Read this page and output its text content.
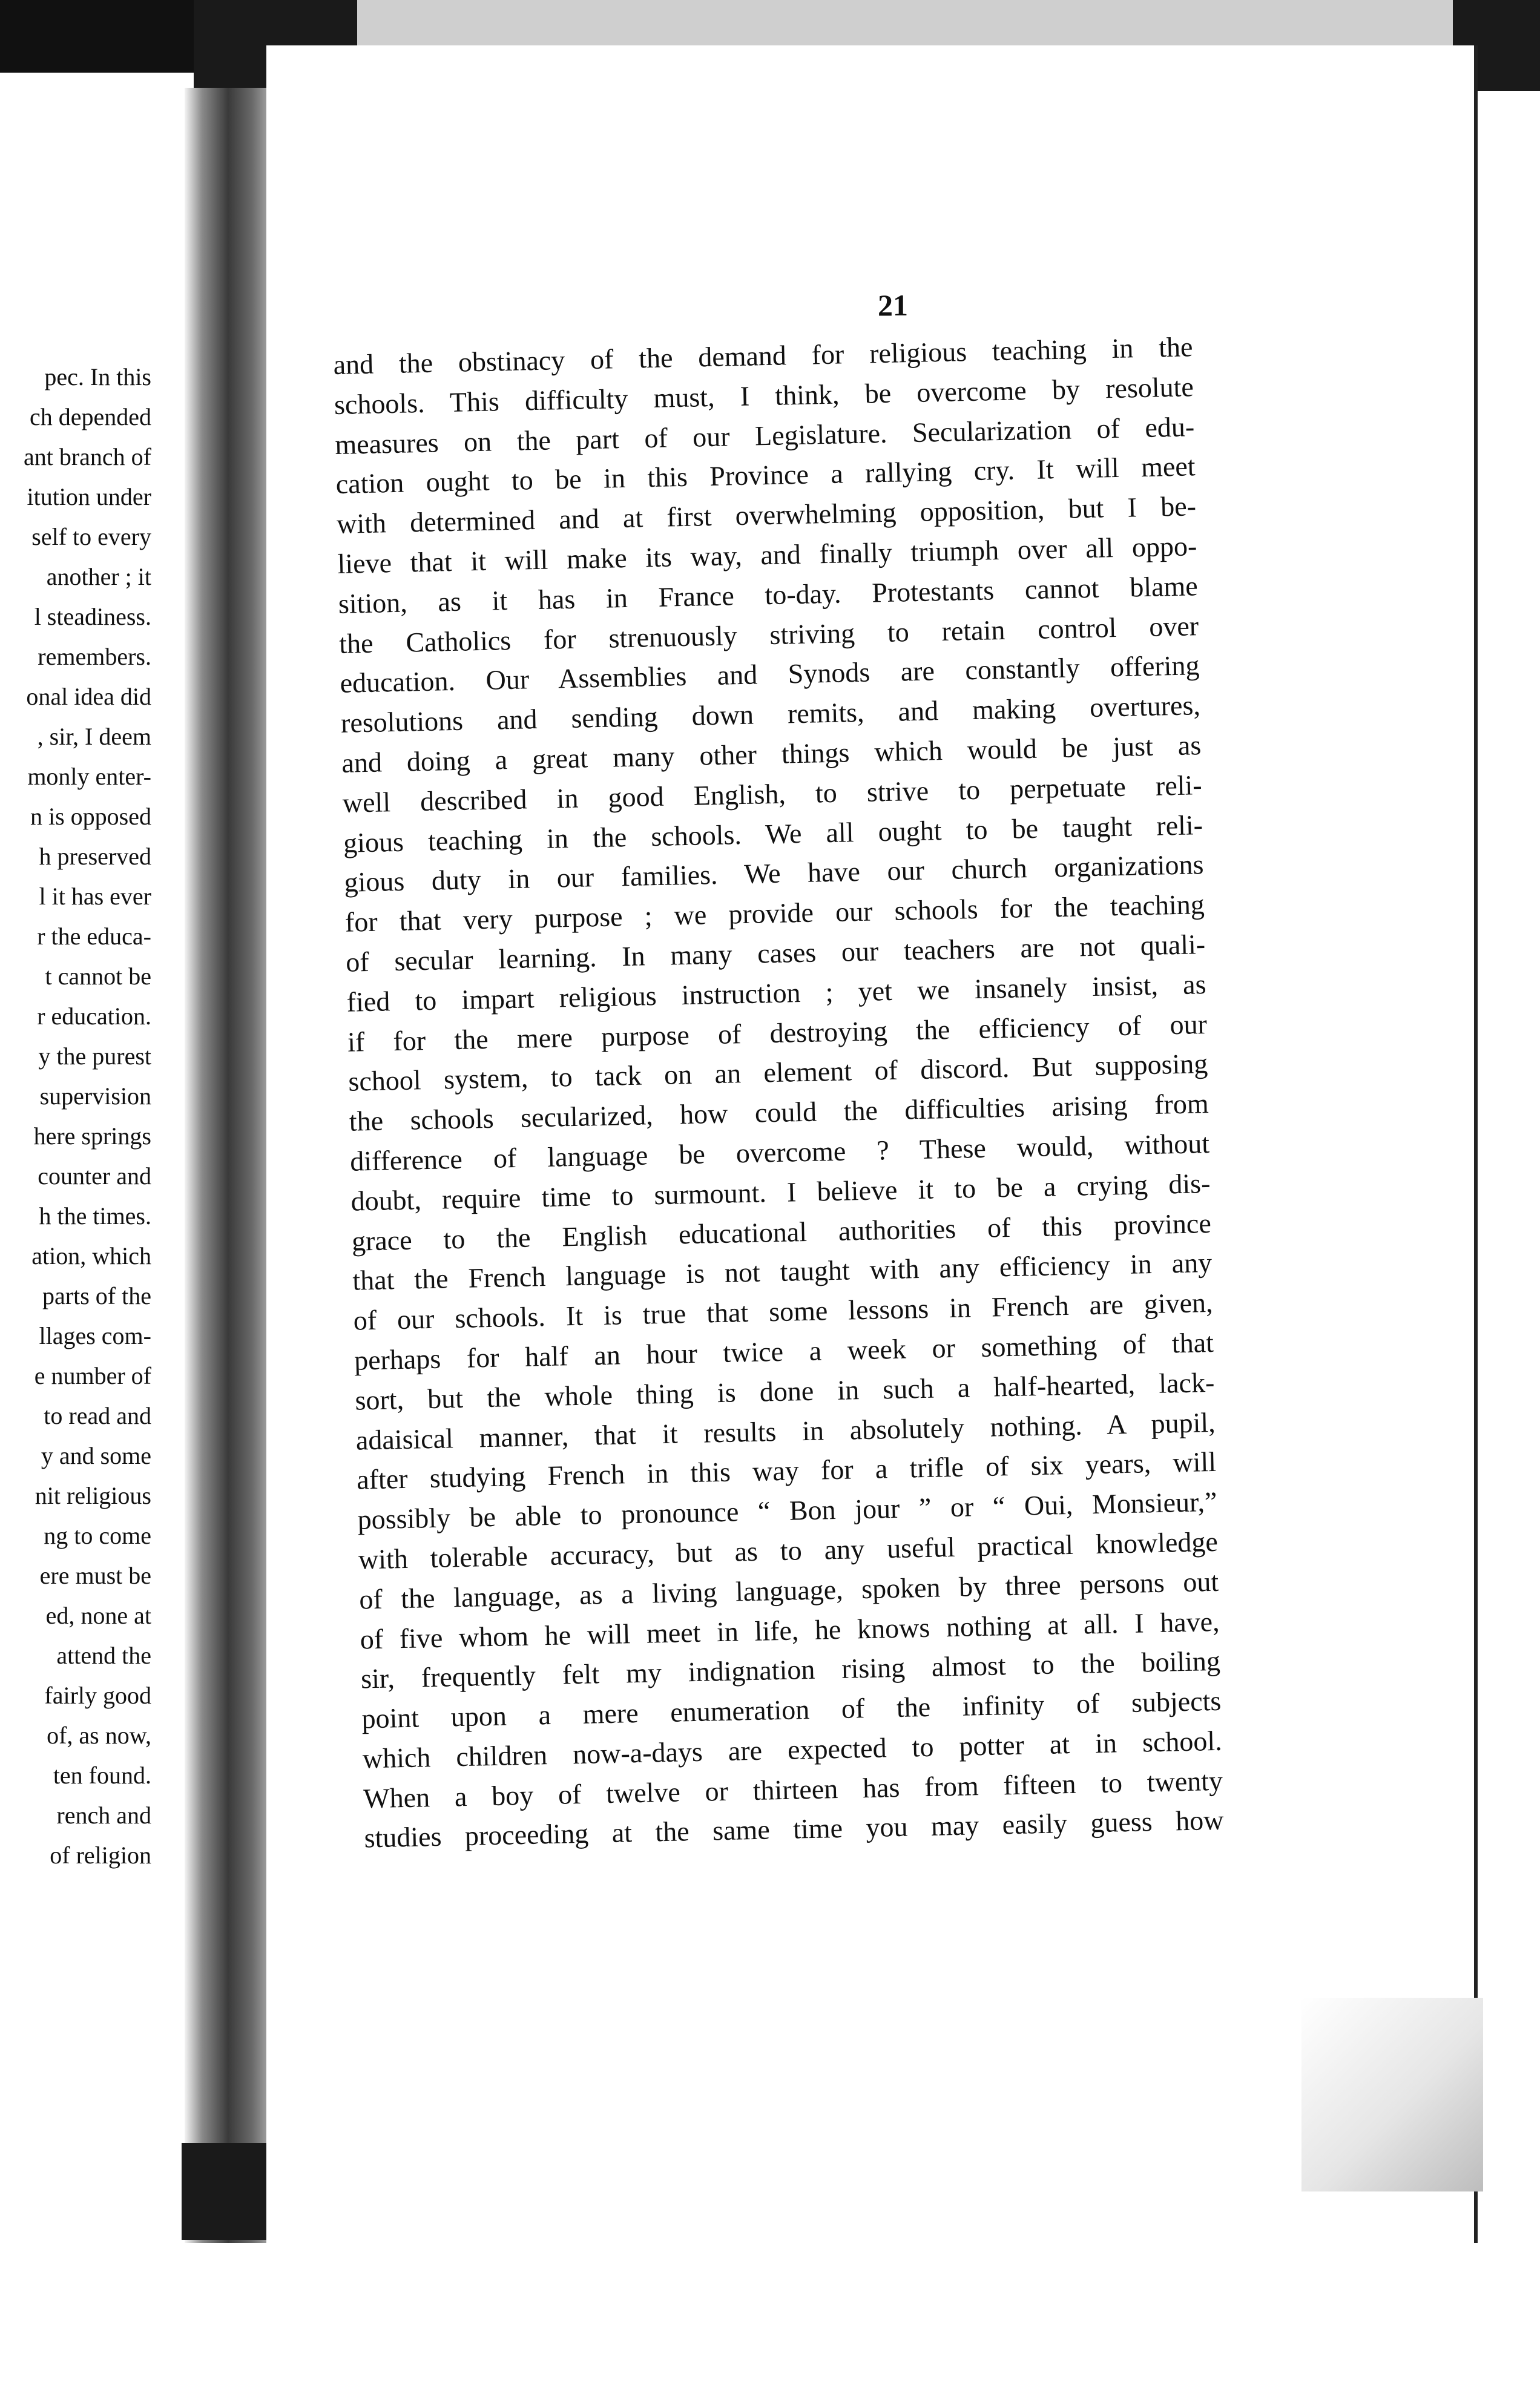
pec. In this
ch depended
ant branch of
itution under
self to every
another ; it
l steadiness.
remembers.
onal idea did
, sir, I deem
monly enter-
n is opposed
h preserved
l it has ever
r the educa-
t cannot be
r education.
y the purest
supervision
here springs
counter and
h the times.
ation, which
parts of the
llages com-
e number of
to read and
y and some
nit religious
ng to come
ere must be
ed, none at
attend the
fairly good
of, as now,
ten found.
rench and
of religion
21
and the obstinacy of the demand for religious teaching in the
schools. This difficulty must, I think, be overcome by resolute
measures on the part of our Legislature. Secularization of edu-
cation ought to be in this Province a rallying cry. It will meet
with determined and at first overwhelming opposition, but I be-
lieve that it will make its way, and finally triumph over all oppo-
sition, as it has in France to-day. Protestants cannot blame
the Catholics for strenuously striving to retain control over
education. Our Assemblies and Synods are constantly offering
resolutions and sending down remits, and making overtures,
and doing a great many other things which would be just as
well described in good English, to strive to perpetuate reli-
gious teaching in the schools. We all ought to be taught reli-
gious duty in our families. We have our church organizations
for that very purpose ; we provide our schools for the teaching
of secular learning. In many cases our teachers are not quali-
fied to impart religious instruction ; yet we insanely insist, as
if for the mere purpose of destroying the efficiency of our
school system, to tack on an element of discord. But supposing
the schools secularized, how could the difficulties arising from
difference of language be overcome ? These would, without
doubt, require time to surmount. I believe it to be a crying dis-
grace to the English educational authorities of this province
that the French language is not taught with any efficiency in any
of our schools. It is true that some lessons in French are given,
perhaps for half an hour twice a week or something of that
sort, but the whole thing is done in such a half-hearted, lack-
adaisical manner, that it results in absolutely nothing. A pupil,
after studying French in this way for a trifle of six years, will
possibly be able to pronounce “ Bon jour ” or “ Oui, Monsieur,”
with tolerable accuracy, but as to any useful practical knowledge
of the language, as a living language, spoken by three persons out
of five whom he will meet in life, he knows nothing at all. I have,
sir, frequently felt my indignation rising almost to the boiling
point upon a mere enumeration of the infinity of subjects
which children now-a-days are expected to potter at in school.
When a boy of twelve or thirteen has from fifteen to twenty
studies proceeding at the same time you may easily guess how
